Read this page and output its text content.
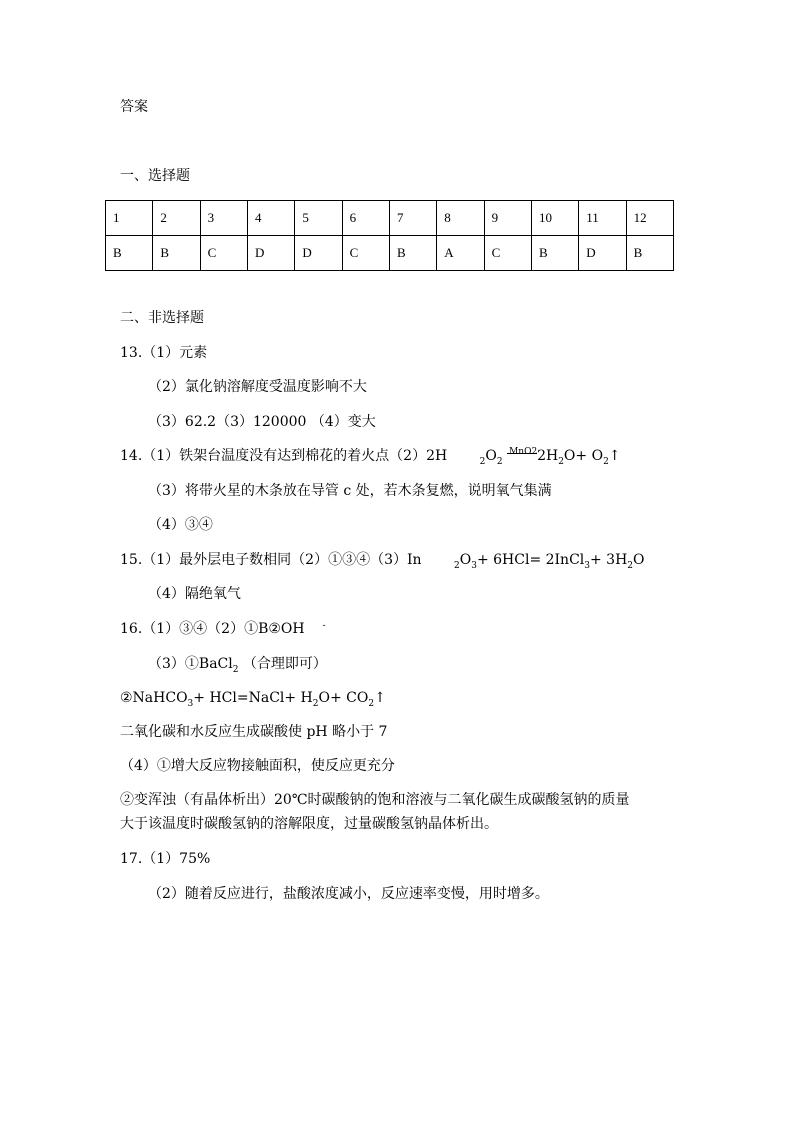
答案
一、选择题
1	2	3	4	5	6	7	8	9	10	11	12
B	B	C	D	D	C	B	A	C	B	D	B
二、非选择题
13.（1）元素
（2）氯化钠溶解度受温度影响不大
（3）62.2（3）120000 （4）变大
14.（1）铁架台温度没有达到棉花的着火点（2）2H	$_2O_2$
MnO2 $2H_2O+$ $O_2↑$
（3）将带火星的木条放在导管 c 处，若木条复燃，说明氧气集满
（4）③④
15.（1）最外层电子数相同（2）①③④（3）In	$_2O_3+ 6HCl=$ 2InCl$_3$+ $3H_2O$
（4）隔绝氧气
16.（1）③④（2）①B②OH -
（3）①BaCl$_2$ （合理即可）
②NaHCO$_3$+ HCl=NaCl+ $H_2O+$ $CO_2↑$
二氧化碳和水反应生成碳酸使 pH 略小于 7
（4）①增大反应物接触面积，使反应更充分
②变浑浊（有晶体析出）20℃时碳酸钠的饱和溶液与二氧化碳生成碳酸氢钠的质量
大于该温度时碳酸氢钠的溶解限度，过量碳酸氢钠晶体析出。
17.（1）75%
（2）随着反应进行，盐酸浓度减小，反应速率变慢，用时增多。
